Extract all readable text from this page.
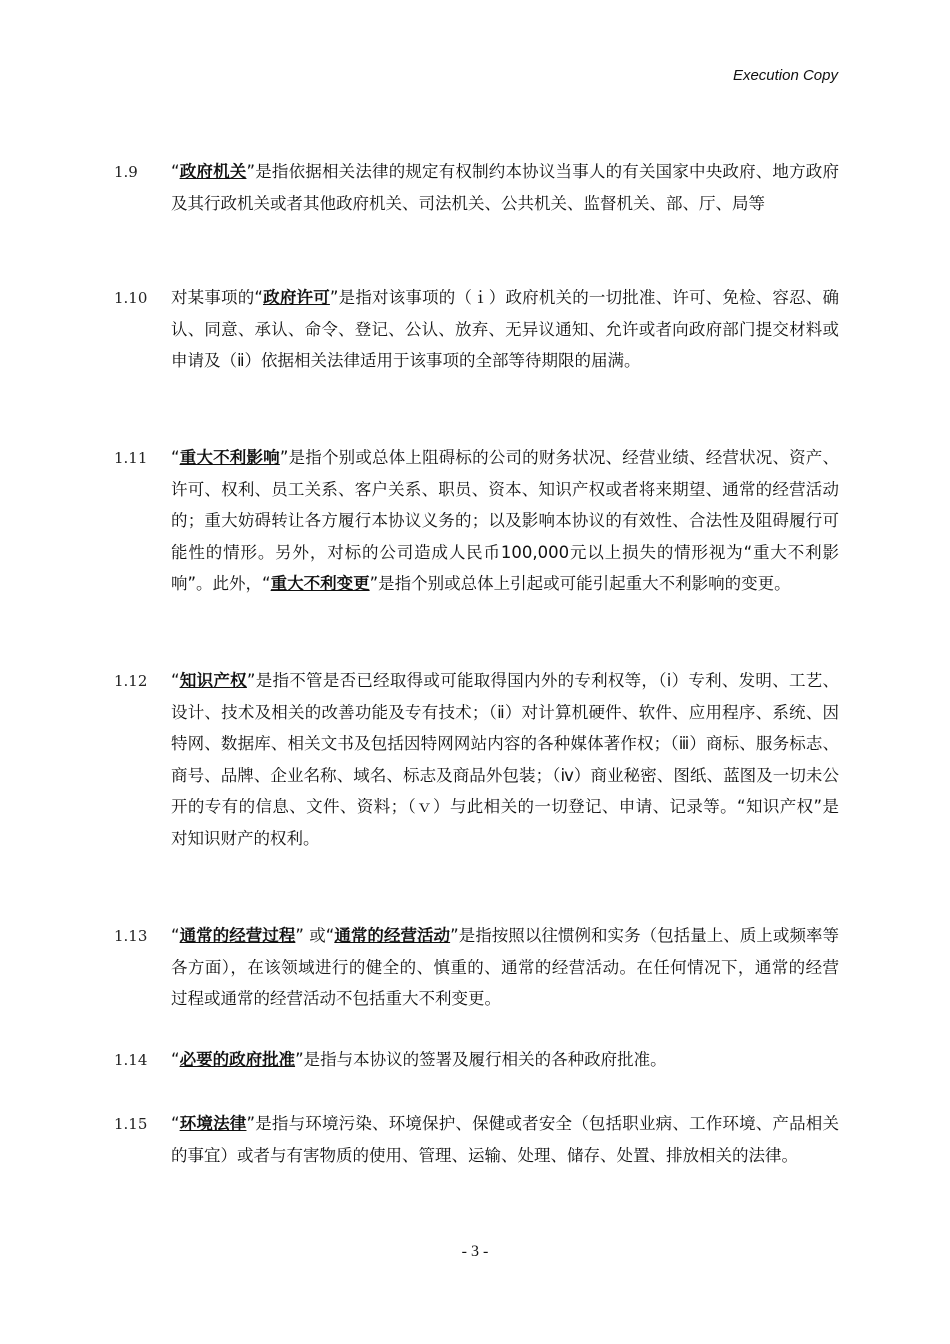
Execution Copy
1.9 “政府机关”是指依据相关法律的规定有权制约本协议当事人的有关国家中央政府、地方政府及其行政机关或者其他政府机关、司法机关、公共机关、监督机关、部、厅、局等
1.10 对某事项的“政府许可”是指对该事项的（ｉ）政府机关的一切批准、许可、免检、容忍、确认、同意、承认、命令、登记、公认、放弃、无异议通知、允许或者向政府部门提交材料或申请及（ⅱ）依据相关法律适用于该事项的全部等待期限的届满。
1.11 “重大不利影响”是指个别或总体上阻碍标的公司的财务状况、经营业绩、经营状况、资产、许可、权利、员工关系、客户关系、职员、资本、知识产权或者将来期望、通常的经营活动的；重大妨碍转让各方履行本协议义务的；以及影响本协议的有效性、合法性及阻碍履行可能性的情形。另外，对标的公司造成人民币100,000元以上损失的情形视为“重大不利影响”。此外，“重大不利变更”是指个别或总体上引起或可能引起重大不利影响的变更。
1.12 “知识产权”是指不管是否已经取得或可能取得国内外的专利权等，（ⅰ）专利、发明、工艺、设计、技术及相关的改善功能及专有技术；（ⅱ）对计算机硬件、软件、应用程序、系统、因特网、数据库、相关文书及包括因特网网站内容的各种媒体著作权；（ⅲ）商标、服务标志、商号、品牌、企业名称、域名、标志及商品外包装；（ⅳ）商业秘密、图纸、蓝图及一切未公开的专有的信息、文件、资料；（ｖ）与此相关的一切登记、申请、记录等。“知识产权”是对知识财产的权利。
1.13 “通常的经营过程” 或“通常的经营活动”是指按照以往惯例和实务（包括量上、质上或频率等各方面），在该领域进行的健全的、慎重的、通常的经营活动。在任何情况下，通常的经营过程或通常的经营活动不包括重大不利变更。
1.14 “必要的政府批准”是指与本协议的签署及履行相关的各种政府批准。
1.15 “环境法律”是指与环境污染、环境保护、保健或者安全（包括职业病、工作环境、产品相关的事宜）或者与有害物质的使用、管理、运输、处理、储存、处置、排放相关的法律。
- 3 -
